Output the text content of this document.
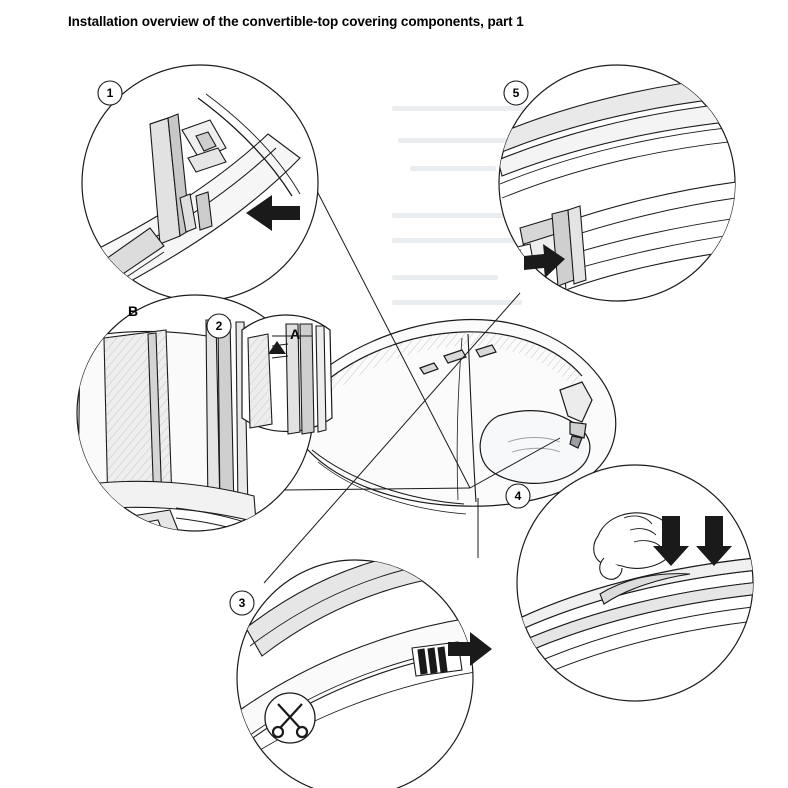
Installation overview of the convertible-top covering components, part 1
1
B
2	A
3
4
5
